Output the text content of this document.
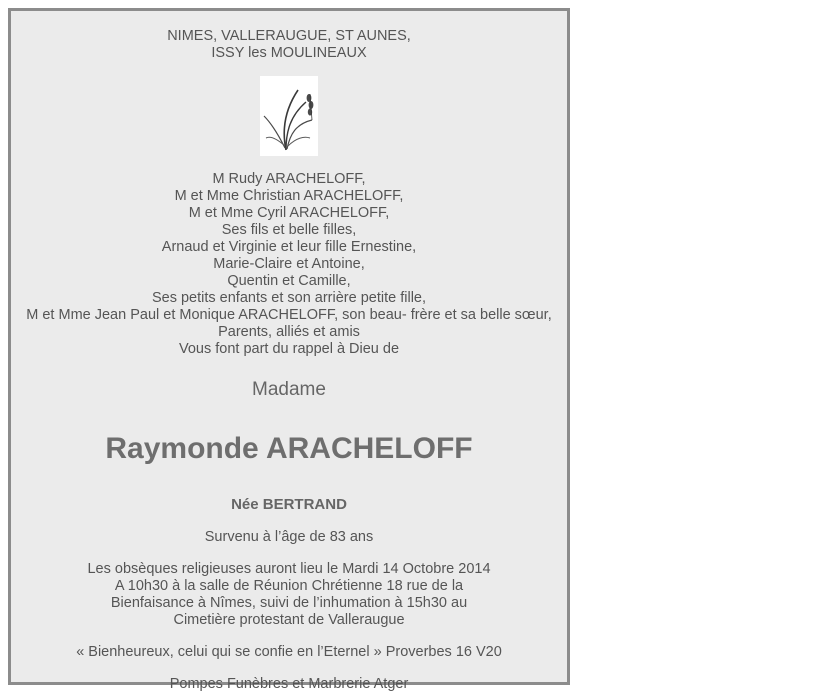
NIMES, VALLERAUGUE, ST AUNES,

ISSY les MOULINEAUX

M Rudy ARACHELOFF,

M et Mme Christian ARACHELOFF,

M et Mme Cyril ARACHELOFF,

Ses fils et belle filles,

Arnaud et Virginie et leur fille Ernestine,

Marie-Claire et Antoine,

Quentin et Camille,

Ses petits enfants et son arrière petite fille,

M et Mme Jean Paul et Monique ARACHELOFF, son beau- frère et sa belle sœur,

Parents, alliés et amis

Vous font part du rappel à Dieu de

Madame

Raymonde ARACHELOFF

Née BERTRAND

Survenu à l’âge de 83 ans

Les obsèques religieuses auront lieu le Mardi 14 Octobre 2014

A 10h30 à la salle de Réunion Chrétienne 18 rue de la

Bienfaisance à Nîmes, suivi de l’inhumation à 15h30 au

Cimetière protestant de Valleraugue

« Bienheureux, celui qui se confie en l’Eternel » Proverbes 16 V20

Pompes Funèbres et Marbrerie Atger
